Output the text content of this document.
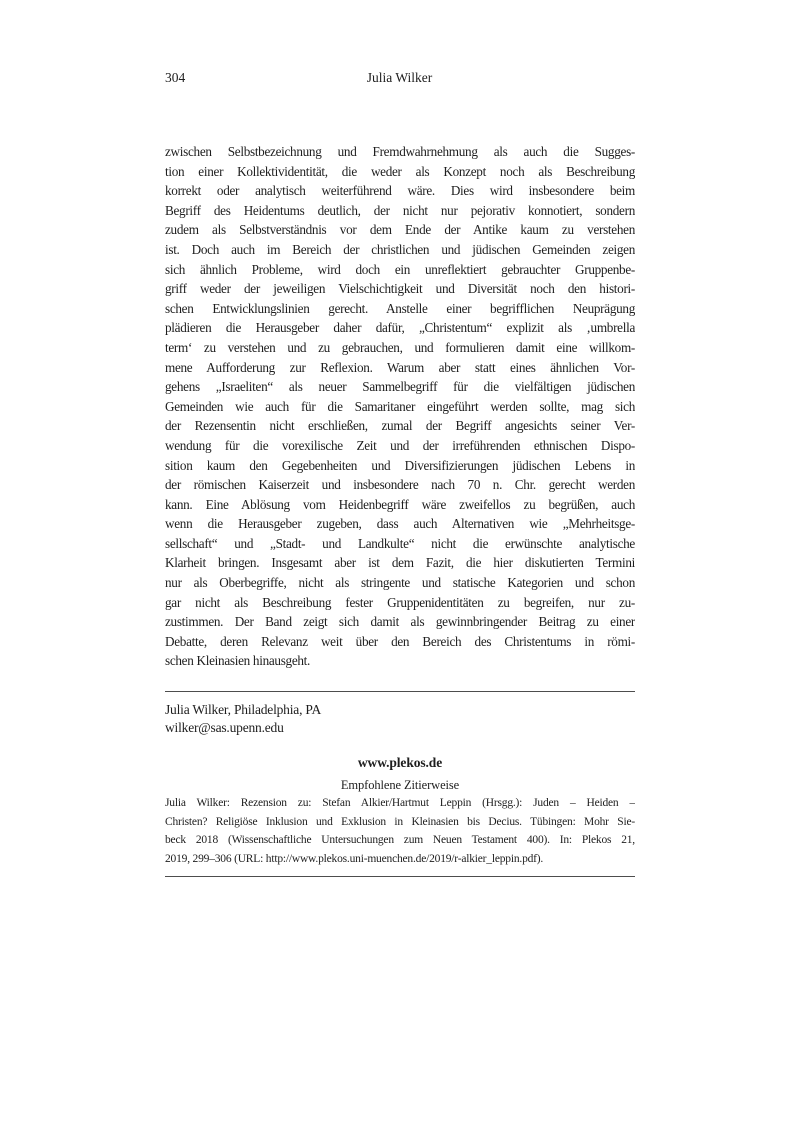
304	Julia Wilker
zwischen Selbstbezeichnung und Fremdwahrnehmung als auch die Sugges-
tion einer Kollektividentität, die weder als Konzept noch als Beschreibung
korrekt oder analytisch weiterführend wäre. Dies wird insbesondere beim
Begriff des Heidentums deutlich, der nicht nur pejorativ konnotiert, sondern
zudem als Selbstverständnis vor dem Ende der Antike kaum zu verstehen
ist. Doch auch im Bereich der christlichen und jüdischen Gemeinden zeigen
sich ähnlich Probleme, wird doch ein unreflektiert gebrauchter Gruppenbe-
griff weder der jeweiligen Vielschichtigkeit und Diversität noch den histori-
schen Entwicklungslinien gerecht. Anstelle einer begrifflichen Neuprägung
plädieren die Herausgeber daher dafür, „Christentum“ explizit als ‚umbrella
term‘ zu verstehen und zu gebrauchen, und formulieren damit eine willkom-
mene Aufforderung zur Reflexion. Warum aber statt eines ähnlichen Vor-
gehens „Israeliten“ als neuer Sammelbegriff für die vielfältigen jüdischen
Gemeinden wie auch für die Samaritaner eingeführt werden sollte, mag sich
der Rezensentin nicht erschließen, zumal der Begriff angesichts seiner Ver-
wendung für die vorexilische Zeit und der irreführenden ethnischen Dispo-
sition kaum den Gegebenheiten und Diversifizierungen jüdischen Lebens in
der römischen Kaiserzeit und insbesondere nach 70 n. Chr. gerecht werden
kann. Eine Ablösung vom Heidenbegriff wäre zweifellos zu begrüßen, auch
wenn die Herausgeber zugeben, dass auch Alternativen wie „Mehrheitsge-
sellschaft“ und „Stadt- und Landkulte“ nicht die erwünschte analytische
Klarheit bringen. Insgesamt aber ist dem Fazit, die hier diskutierten Termini
nur als Oberbegriffe, nicht als stringente und statische Kategorien und schon
gar nicht als Beschreibung fester Gruppenidentitäten zu begreifen, nur zu-
zustimmen. Der Band zeigt sich damit als gewinnbringender Beitrag zu einer
Debatte, deren Relevanz weit über den Bereich des Christentums in römi-
schen Kleinasien hinausgeht.
Julia Wilker, Philadelphia, PA
wilker@sas.upenn.edu
www.plekos.de
Empfohlene Zitierweise
Julia Wilker: Rezension zu: Stefan Alkier/Hartmut Leppin (Hrsgg.): Juden – Heiden –
Christen? Religiöse Inklusion und Exklusion in Kleinasien bis Decius. Tübingen: Mohr Sie-
beck 2018 (Wissenschaftliche Untersuchungen zum Neuen Testament 400). In: Plekos 21,
2019, 299–306 (URL: http://www.plekos.uni-muenchen.de/2019/r-alkier_leppin.pdf).
